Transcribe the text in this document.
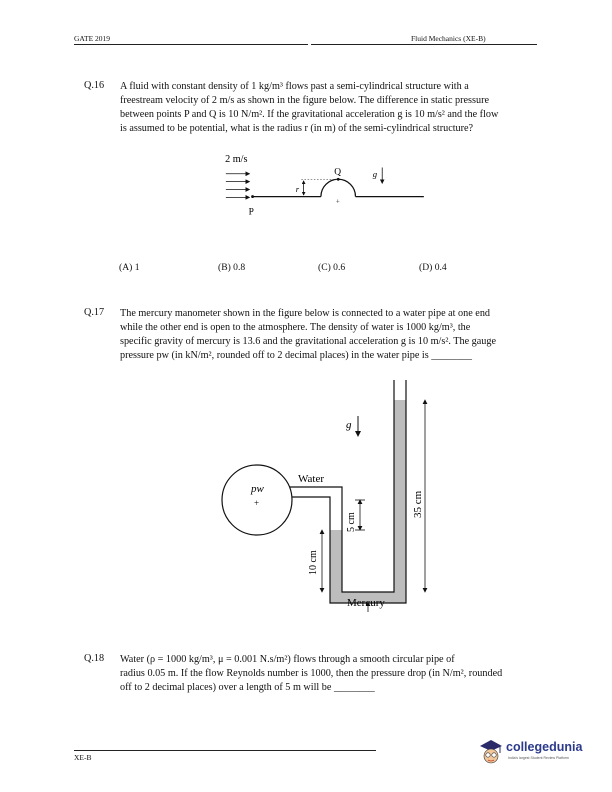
GATE 2019	Fluid Mechanics (XE-B)
Q.16 A fluid with constant density of 1 kg/m³ flows past a semi-cylindrical structure with a
freestream velocity of 2 m/s as shown in the figure below. The difference in static pressure
between points P and Q is 10 N/m². If the gravitational acceleration g is 10 m/s² and the flow
is assumed to be potential, what is the radius r (in m) of the semi-cylindrical structure?
2 m/s
P
Q
r
+
g
(A) 1	(B) 0.8	(C) 0.6	(D) 0.4
Q.17 The mercury manometer shown in the figure below is connected to a water pipe at one end
while the other end is open to the atmosphere. The density of water is 1000 kg/m³, the
specific gravity of mercury is 13.6 and the gravitational acceleration g is 10 m/s². The gauge
pressure pw (in kN/m², rounded off to 2 decimal places) in the water pipe is ________
pw
+
Water
g
5 cm
10 cm
35 cm
Mercury
Q.18 Water (ρ = 1000 kg/m³, μ = 0.001 N.s/m²) flows through a smooth circular pipe of
radius 0.05 m. If the flow Reynolds number is 1000, then the pressure drop (in N/m², rounded
off to 2 decimal places) over a length of 5 m will be ________
XE-B
collegedunia
India's largest Student Review Platform
